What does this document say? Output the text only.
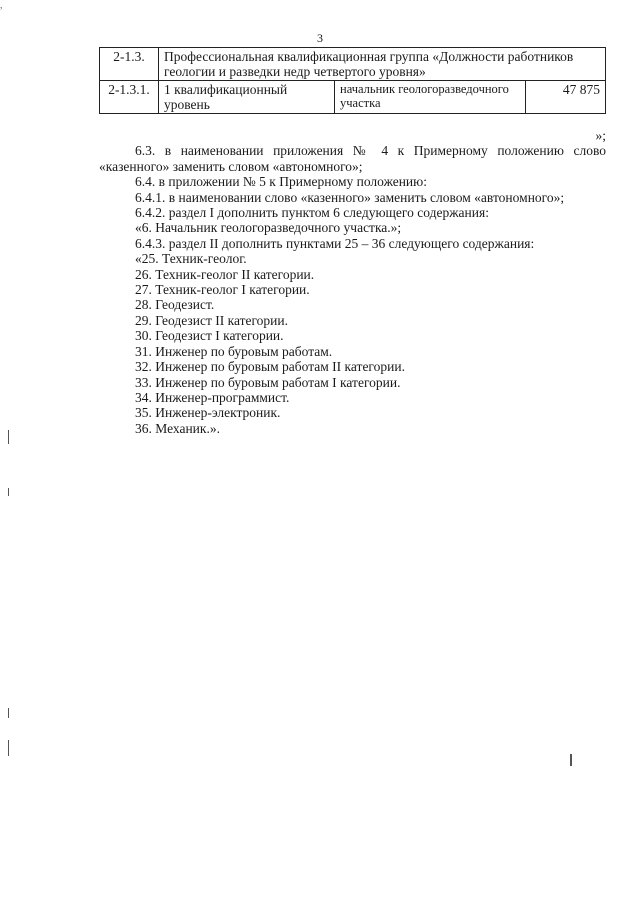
,
3
2-1.3.	Профессиональная квалификационная группа «Должности работников геологии и разведки недр четвертого уровня»		
2-1.3.1.	1 квалификационный уровень	начальник геологоразведочного участка	47 875

»;

6.3. в наименовании приложения № 4 к Примерному положению слово «казенного» заменить словом «автономного»;

6.4. в приложении № 5 к Примерному положению:

6.4.1. в наименовании слово «казенного» заменить словом «автономного»;

6.4.2. раздел I дополнить пунктом 6 следующего содержания:

«6. Начальник геологоразведочного участка.»;

6.4.3. раздел II дополнить пунктами 25 – 36 следующего содержания:

«25. Техник-геолог.

26. Техник-геолог II категории.

27. Техник-геолог I категории.

28. Геодезист.

29. Геодезист II категории.

30. Геодезист I категории.

31. Инженер по буровым работам.

32. Инженер по буровым работам II категории.

33. Инженер по буровым работам I категории.

34. Инженер-программист.

35. Инженер-электроник.

36. Механик.».
